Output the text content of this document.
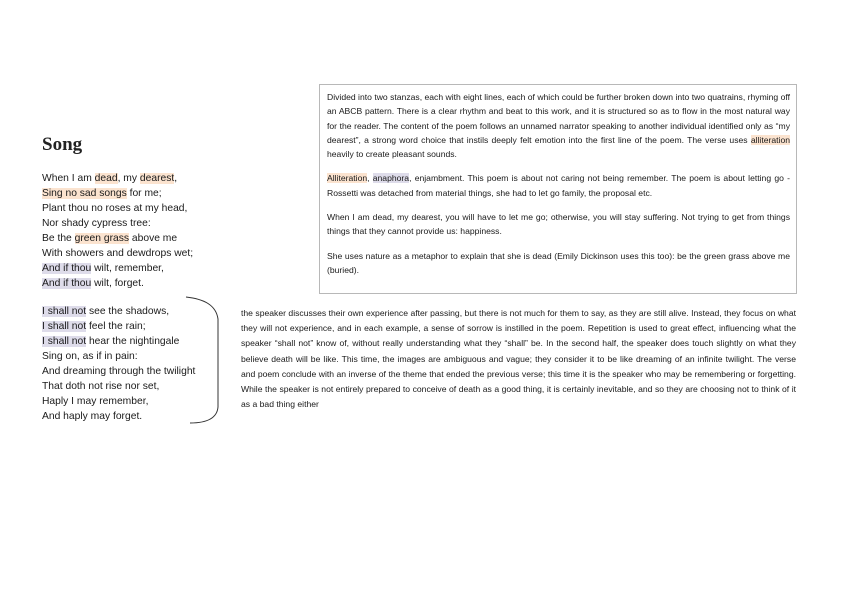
Song
When I am dead, my dearest,
Sing no sad songs for me;
Plant thou no roses at my head,
Nor shady cypress tree:
Be the green grass above me
With showers and dewdrops wet;
And if thou wilt, remember,
And if thou wilt, forget.
I shall not see the shadows,
I shall not feel the rain;
I shall not hear the nightingale
Sing on, as if in pain:
And dreaming through the twilight
That doth not rise nor set,
Haply I may remember,
And haply may forget.

Divided into two stanzas, each with eight lines, each of which could be further broken down into two quatrains, rhyming off an ABCB pattern. There is a clear rhythm and beat to this work, and it is structured so as to flow in the most natural way for the reader. The content of the poem follows an unnamed narrator speaking to another individual identified only as “my dearest”, a strong word choice that instils deeply felt emotion into the first line of the poem. The verse uses alliteration heavily to create pleasant sounds.

Alliteration, anaphora, enjambment. This poem is about not caring not being remember. The poem is about letting go - Rossetti was detached from material things, she had to let go family, the proposal etc.

When I am dead, my dearest, you will have to let me go; otherwise, you will stay suffering. Not trying to get from things things that they cannot provide us: happiness.

She uses nature as a metaphor to explain that she is dead (Emily Dickinson uses this too): be the green grass above me (buried).

the speaker discusses their own experience after passing, but there is not much for them to say, as they are still alive. Instead, they focus on what they will not experience, and in each example, a sense of sorrow is instilled in the poem. Repetition is used to great effect, influencing what the speaker “shall not” know of, without really understanding what they “shall” be. In the second half, the speaker does touch slightly on what they believe death will be like. This time, the images are ambiguous and vague; they consider it to be like dreaming of an infinite twilight. The verse and poem conclude with an inverse of the theme that ended the previous verse; this time it is the speaker who may be remembering or forgetting. While the speaker is not entirely prepared to conceive of death as a good thing, it is certainly inevitable, and so they are choosing not to think of it as a bad thing either
